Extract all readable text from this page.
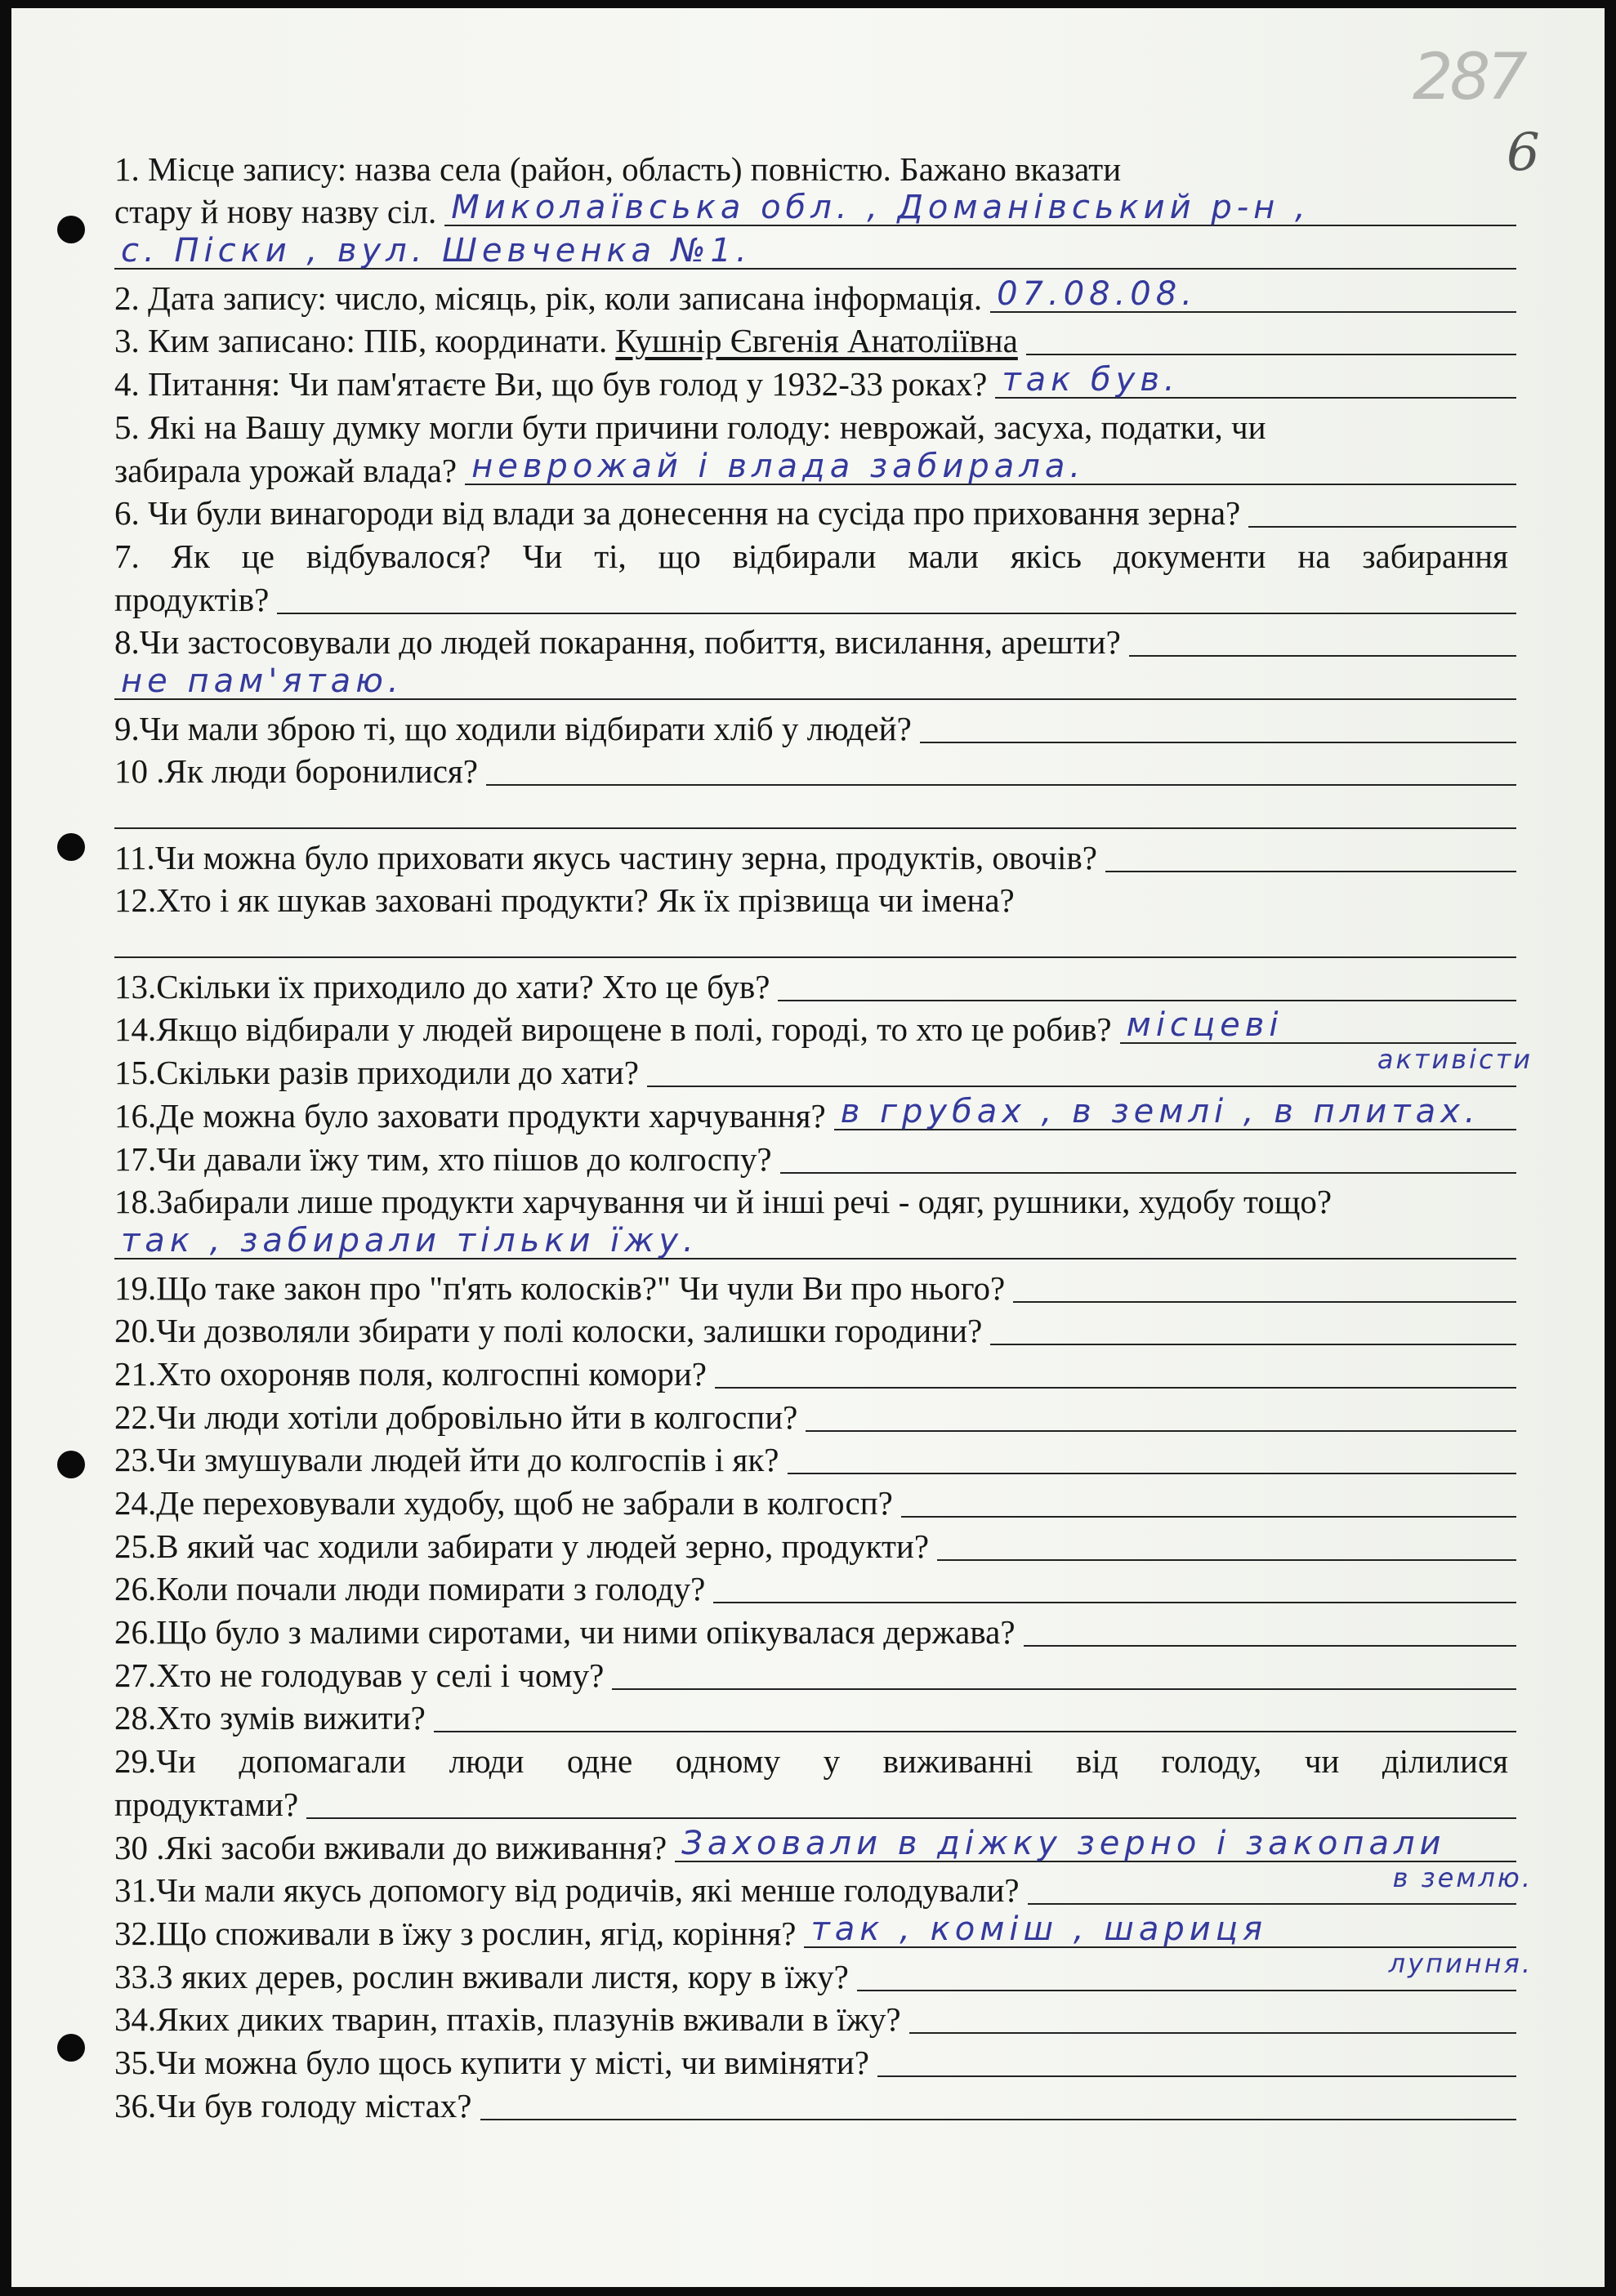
287
6
1. Місце запису: назва села (район, область) повністю. Бажано вказати
стару й нову назву сіл. Миколаївська обл. , Доманівський р-н ,
с. Піски , вул. Шевченка №1.
2. Дата запису: число, місяць, рік, коли записана інформація. 07.08.08.
3. Ким записано: ПІБ, координати. Кушнір Євгенія Анатоліївна
4. Питання: Чи пам'ятаєте Ви, що був голод у 1932-33 роках? так був.
5. Які на Вашу думку могли бути причини голоду: неврожай, засуха, податки, чи
забирала урожай влада? неврожай і влада забирала.
6. Чи були винагороди від влади за донесення на сусіда про приховання зерна?
7. Як це відбувалося? Чи ті, що відбирали мали якісь документи на забирання
продуктів?
8.Чи застосовували до людей покарання, побиття, висилання, арешти?
не пам'ятаю.
9.Чи мали зброю ті, що ходили відбирати хліб у людей?
10 .Як люди боронилися?
11.Чи можна було приховати якусь частину зерна, продуктів, овочів?
12.Хто і як шукав заховані продукти? Як їх прізвища чи імена?
13.Скільки їх приходило до хати? Хто це був?
14.Якщо відбирали у людей вирощене в полі, городі, то хто це робив? місцеві
активісти
15.Скільки разів приходили до хати?
16.Де можна було заховати продукти харчування? в грубах , в землі , в плитах.
17.Чи давали їжу тим, хто пішов до колгоспу?
18.Забирали лише продукти харчування чи й інші речі - одяг, рушники, худобу тощо?
так , забирали тільки їжу.
19.Що таке закон про "п'ять колосків?" Чи чули Ви про нього?
20.Чи дозволяли збирати у полі колоски, залишки городини?
21.Хто охороняв поля, колгоспні комори?
22.Чи люди хотіли добровільно йти в колгоспи?
23.Чи змушували людей йти до колгоспів і як?
24.Де переховували худобу, щоб не забрали в колгосп?
25.В який час ходили забирати у людей зерно, продукти?
26.Коли почали люди помирати з голоду?
26.Що було з малими сиротами, чи ними опікувалася держава?
27.Хто не голодував у селі і чому?
28.Хто зумів вижити?
29.Чи допомагали люди одне одному у виживанні від голоду, чи ділилися
продуктами?
30 .Які засоби вживали до виживання? Заховали в діжку зерно і закопали
в землю.
31.Чи мали якусь допомогу від родичів, які менше голодували?
32.Що споживали в їжу з рослин, ягід, коріння? так , коміш , шариця
лупиння.
33.З яких дерев, рослин вживали листя, кору в їжу?
34.Яких диких тварин, птахів, плазунів вживали в їжу?
35.Чи можна було щось купити у місті, чи виміняти?
36.Чи був голоду містах?
